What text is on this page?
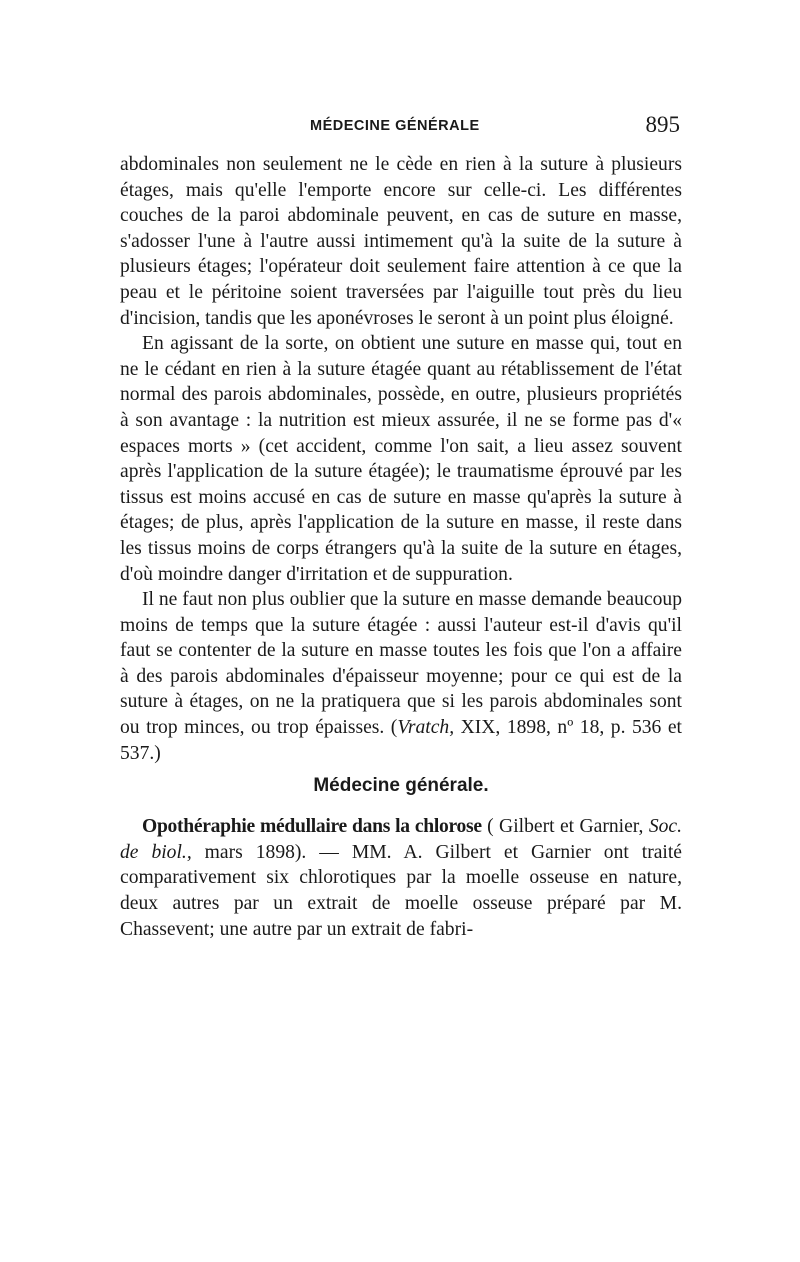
MÉDECINE GÉNÉRALE	895

abdominales non seulement ne le cède en rien à la suture à plusieurs étages, mais qu'elle l'emporte encore sur celle-ci. Les différentes couches de la paroi abdominale peuvent, en cas de suture en masse, s'adosser l'une à l'autre aussi intimement qu'à la suite de la suture à plusieurs étages; l'opérateur doit seulement faire attention à ce que la peau et le péritoine soient traversées par l'aiguille tout près du lieu d'incision, tandis que les aponévroses le seront à un point plus éloigné.

En agissant de la sorte, on obtient une suture en masse qui, tout en ne le cédant en rien à la suture étagée quant au rétablissement de l'état normal des parois abdominales, possède, en outre, plusieurs propriétés à son avantage : la nutrition est mieux assurée, il ne se forme pas d'« espaces morts » (cet accident, comme l'on sait, a lieu assez souvent après l'application de la suture étagée); le traumatisme éprouvé par les tissus est moins accusé en cas de suture en masse qu'après la suture à étages; de plus, après l'application de la suture en masse, il reste dans les tissus moins de corps étrangers qu'à la suite de la suture en étages, d'où moindre danger d'irritation et de suppuration.

Il ne faut non plus oublier que la suture en masse demande beaucoup moins de temps que la suture étagée : aussi l'auteur est-il d'avis qu'il faut se contenter de la suture en masse toutes les fois que l'on a affaire à des parois abdominales d'épaisseur moyenne; pour ce qui est de la suture à étages, on ne la pratiquera que si les parois abdominales sont ou trop minces, ou trop épaisses. (Vratch, XIX, 1898, nº 18, p. 536 et 537.)

Médecine générale.

Opothéraphie médullaire dans la chlorose ( Gilbert et Garnier, Soc. de biol., mars 1898). — MM. A. Gilbert et Garnier ont traité comparativement six chlorotiques par la moelle osseuse en nature, deux autres par un extrait de moelle osseuse préparé par M. Chassevent; une autre par un extrait de fabri-
